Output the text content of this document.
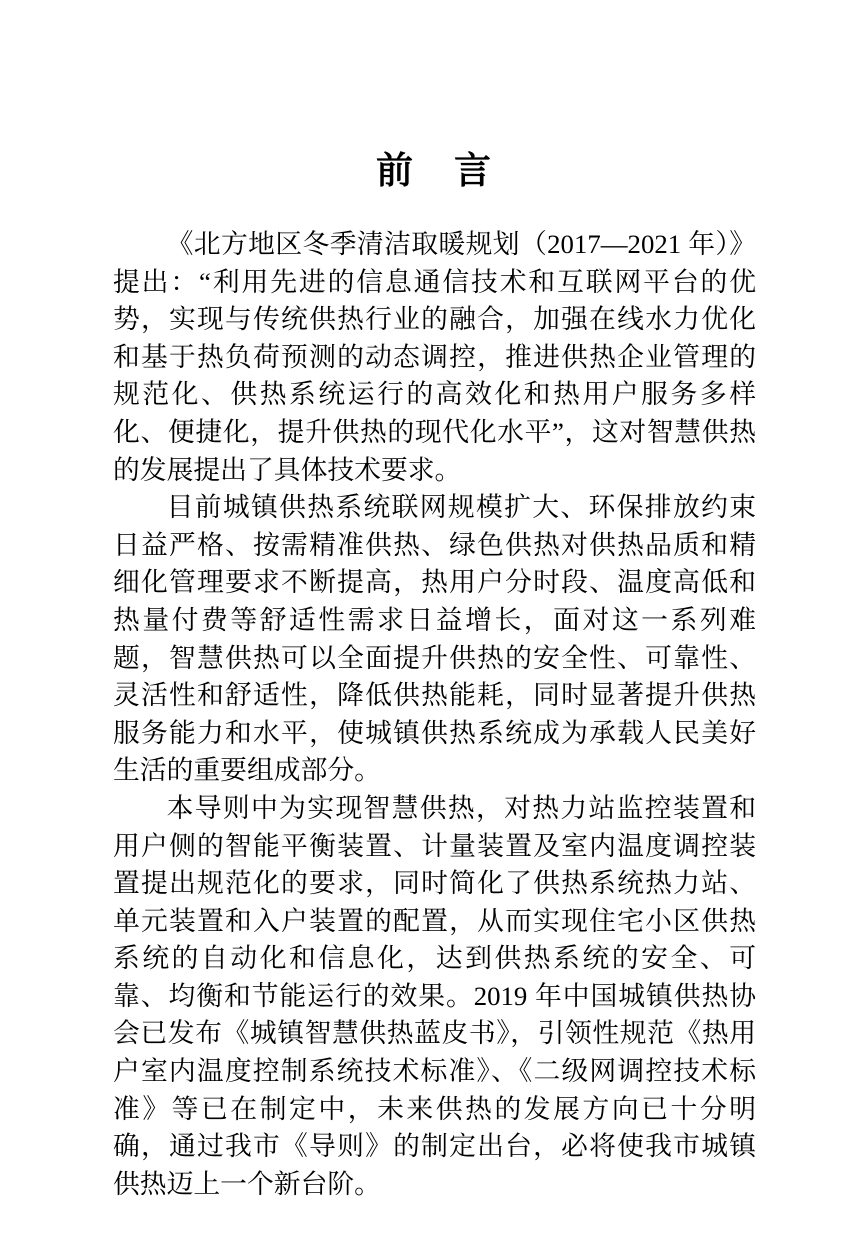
前　言

《北方地区冬季清洁取暖规划（2017—2021 年）》提出：“利用先进的信息通信技术和互联网平台的优势，实现与传统供热行业的融合，加强在线水力优化和基于热负荷预测的动态调控，推进供热企业管理的规范化、供热系统运行的高效化和热用户服务多样化、便捷化，提升供热的现代化水平”，这对智慧供热的发展提出了具体技术要求。

目前城镇供热系统联网规模扩大、环保排放约束日益严格、按需精准供热、绿色供热对供热品质和精细化管理要求不断提高，热用户分时段、温度高低和热量付费等舒适性需求日益增长，面对这一系列难题，智慧供热可以全面提升供热的安全性、可靠性、灵活性和舒适性，降低供热能耗，同时显著提升供热服务能力和水平，使城镇供热系统成为承载人民美好生活的重要组成部分。

本导则中为实现智慧供热，对热力站监控装置和用户侧的智能平衡装置、计量装置及室内温度调控装置提出规范化的要求，同时简化了供热系统热力站、单元装置和入户装置的配置，从而实现住宅小区供热系统的自动化和信息化，达到供热系统的安全、可靠、均衡和节能运行的效果。2019 年中国城镇供热协会已发布《城镇智慧供热蓝皮书》，引领性规范《热用户室内温度控制系统技术标准》、《二级网调控技术标准》等已在制定中，未来供热的发展方向已十分明确，通过我市《导则》的制定出台，必将使我市城镇供热迈上一个新台阶。
